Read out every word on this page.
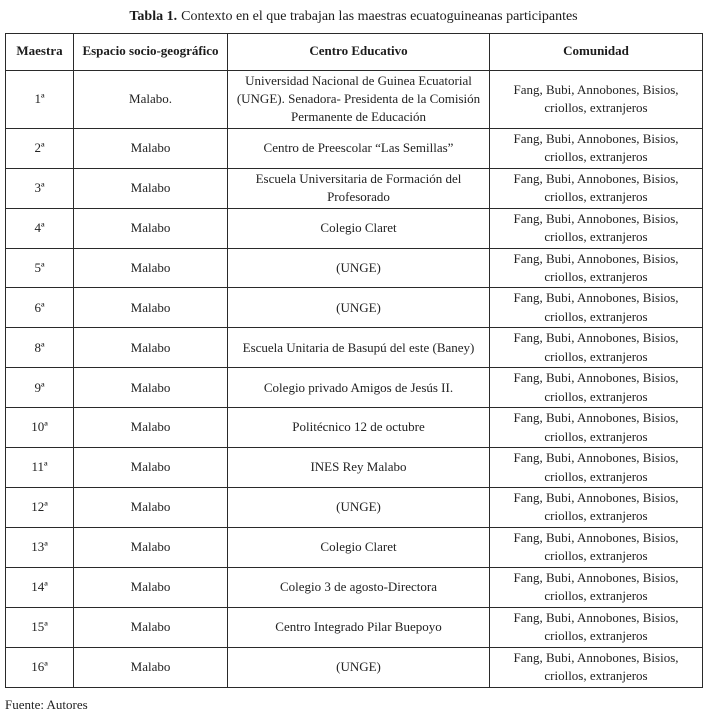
Tabla 1. Contexto en el que trabajan las maestras ecuatoguineanas participantes
Maestra	Espacio socio-geográfico	Centro Educativo	Comunidad
1ª	Malabo.	Universidad Nacional de Guinea Ecuatorial (UNGE). Senadora- Presidenta de la Comisión Permanente de Educación	Fang, Bubi, Annobones, Bisios, criollos, extranjeros
2ª	Malabo	Centro de Preescolar “Las Semillas”	Fang, Bubi, Annobones, Bisios, criollos, extranjeros
3ª	Malabo	Escuela Universitaria de Formación del Profesorado	Fang, Bubi, Annobones, Bisios, criollos, extranjeros
4ª	Malabo	Colegio Claret	Fang, Bubi, Annobones, Bisios, criollos, extranjeros
5ª	Malabo	(UNGE)	Fang, Bubi, Annobones, Bisios, criollos, extranjeros
6ª	Malabo	(UNGE)	Fang, Bubi, Annobones, Bisios, criollos, extranjeros
8ª	Malabo	Escuela Unitaria de Basupú del este (Baney)	Fang, Bubi, Annobones, Bisios, criollos, extranjeros
9ª	Malabo	Colegio privado Amigos de Jesús II.	Fang, Bubi, Annobones, Bisios, criollos, extranjeros
10ª	Malabo	Politécnico 12 de octubre	Fang, Bubi, Annobones, Bisios, criollos, extranjeros
11ª	Malabo	INES Rey Malabo	Fang, Bubi, Annobones, Bisios, criollos, extranjeros
12ª	Malabo	(UNGE)	Fang, Bubi, Annobones, Bisios, criollos, extranjeros
13ª	Malabo	Colegio Claret	Fang, Bubi, Annobones, Bisios, criollos, extranjeros
14ª	Malabo	Colegio 3 de agosto-Directora	Fang, Bubi, Annobones, Bisios, criollos, extranjeros
15ª	Malabo	Centro Integrado Pilar Buepoyo	Fang, Bubi, Annobones, Bisios, criollos, extranjeros
16ª	Malabo	(UNGE)	Fang, Bubi, Annobones, Bisios, criollos, extranjeros
Fuente: Autores
